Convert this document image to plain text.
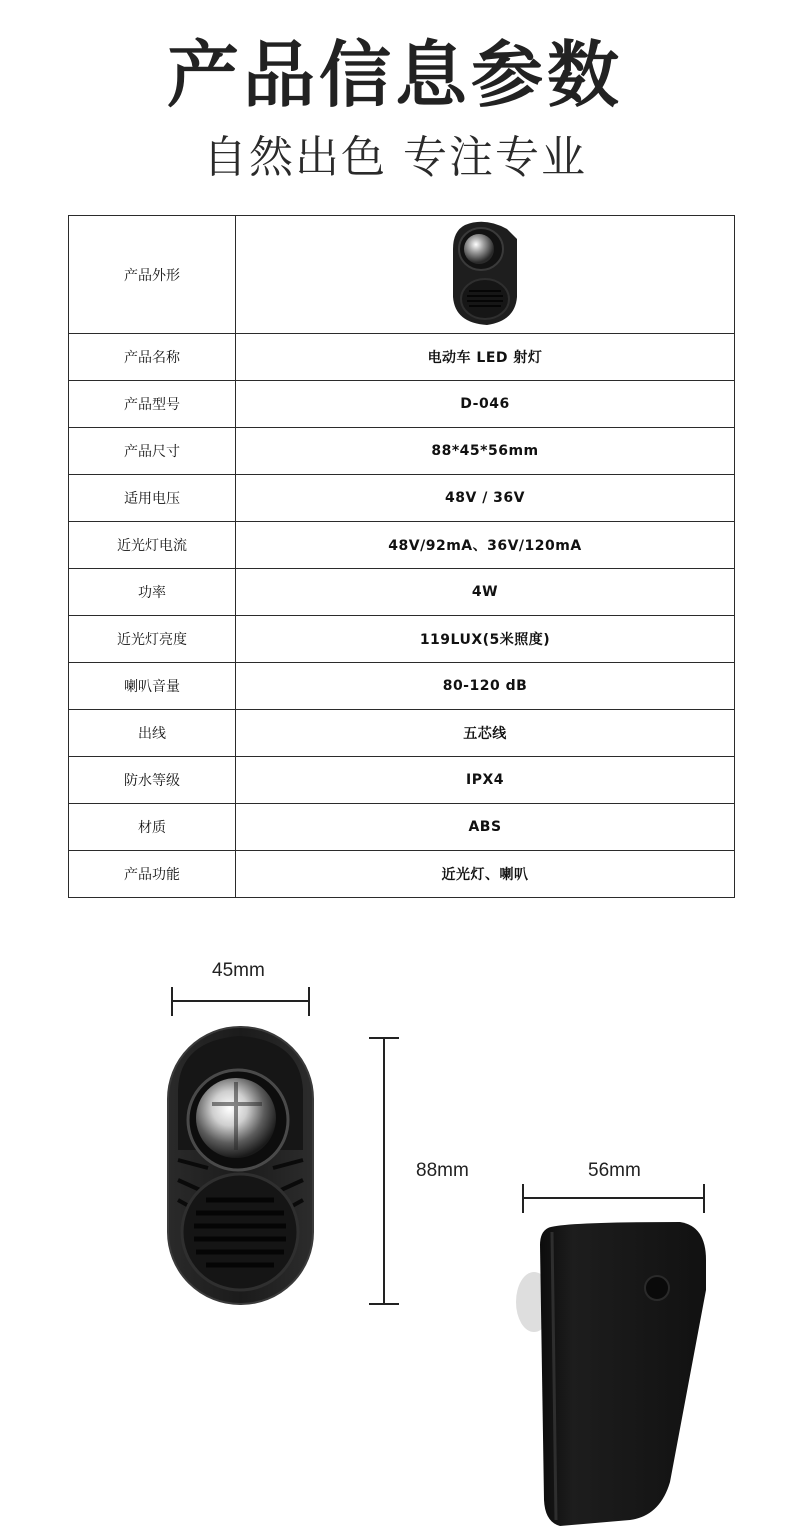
产品信息参数
自然出色 专注专业
产品外形	
产品名称	电动车 LED 射灯
产品型号	D-046
产品尺寸	88*45*56mm
适用电压	48V / 36V
近光灯电流	48V/92mA、36V/120mA
功率	4W
近光灯亮度	119LUX(5米照度)
喇叭音量	80-120 dB
出线	五芯线
防水等级	IPX4
材质	ABS
产品功能	近光灯、喇叭
45mm
88mm	56mm
